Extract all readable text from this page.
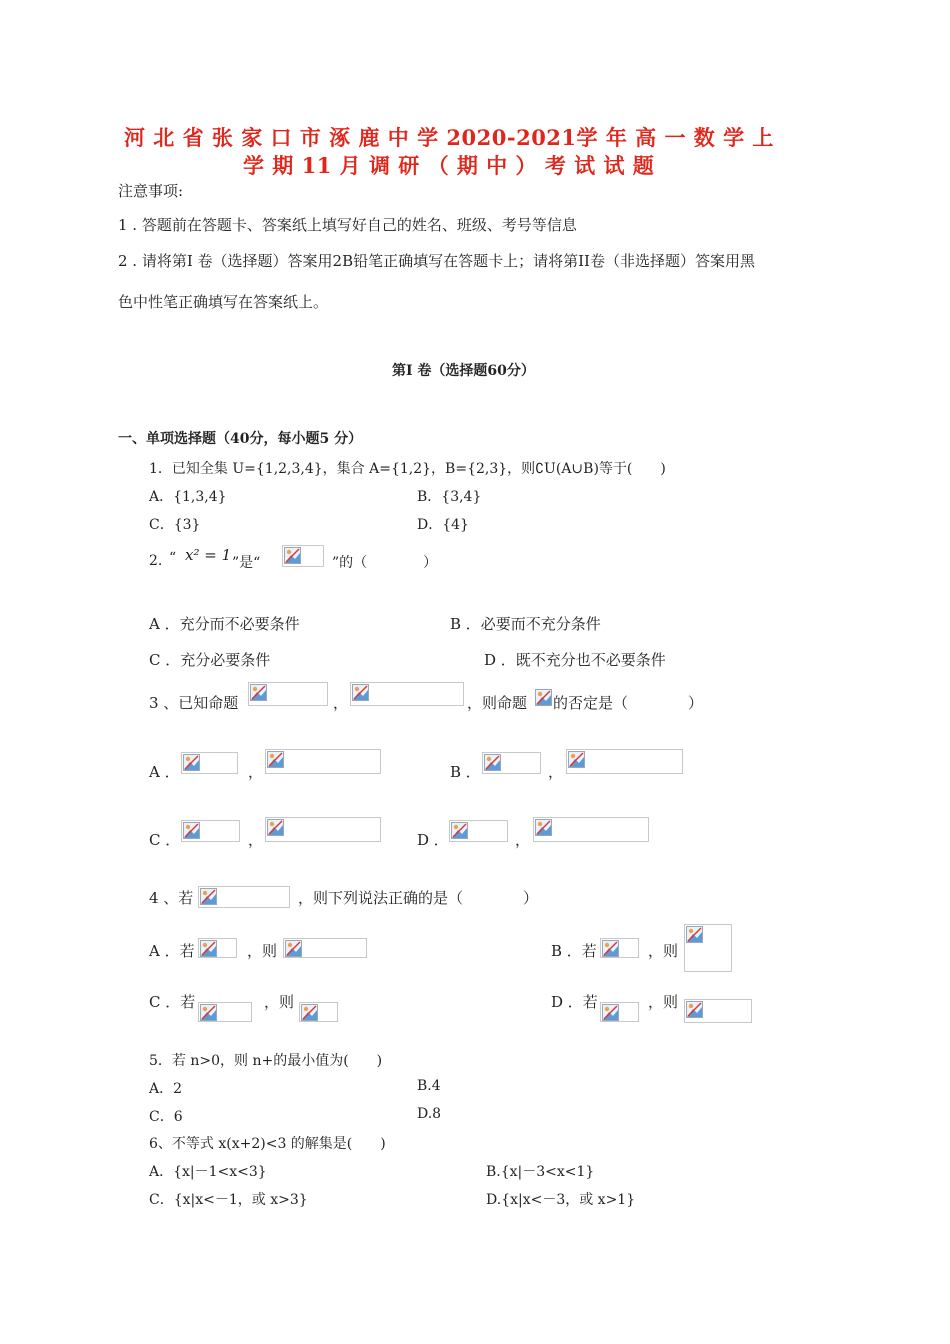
河 北 省 张 家 口 市 涿 鹿 中 学 2020-2021学 年 高 一 数 学 上
学 期 11 月 调 研 （ 期 中 ） 考 试 试 题
注意事项:
1 . 答题前在答题卡、答案纸上填写好自己的姓名、班级、考号等信息
2 . 请将第I 卷（选择题）答案用2B铅笔正确填写在答题卡上；请将第II卷（非选择题）答案用黑
色中性笔正确填写在答案纸上。
第I 卷（选择题60分）
一、单项选择题（40分，每小题5 分）
1．已知全集 U={1,2,3,4}，集合 A={1,2}，B={2,3}，则∁U(A∪B)等于(　　)
A．{1,3,4}	B．{3,4}
C．{3}	D．{4}
2. “ x² = 1 ”是“	”的（　　　　）
A ．充分而不必要条件	B ．必要而不充分条件
C ．充分必要条件	D ．既不充分也不必要条件
3 、已知命题	，	，则命题 的否定是（　　　　）
A ．	，	B ．	，
C ．	，	D ．	，
4 、若	，则下列说法正确的是（　　　　）
A ．若	，则	B ．若	，则
C ．若	，则	D ．若	，则
5．若 n>0，则 n+的最小值为(　　)
A．2	B.4
C．6	D.8
6、不等式 x(x+2)<3 的解集是(　　)
A．{x|－1<x<3}	B.{x|－3<x<1}
C．{x|x<－1，或 x>3}	D.{x|x<－3，或 x>1}
